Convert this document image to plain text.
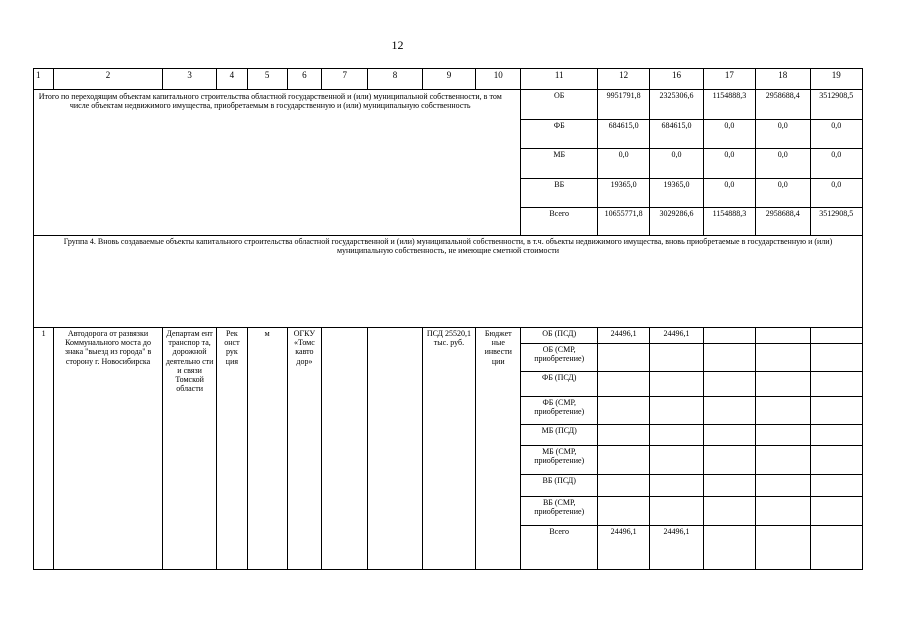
12
1	2	3	4	5	6	7	8	9	10	11	12	16	17	18	19
Итого по переходящим объектам капитального строительства областной государственной и (или) муниципальной собственности, в том числе объектам недвижимого имущества, приобретаемым в государственную и (или) муниципальную собственность										ОБ	9951791,8	2325306,6	1154888,3	2958688,4	3512908,5
										ФБ	684615,0	684615,0	0,0	0,0	0,0
										МБ	0,0	0,0	0,0	0,0	0,0
										ВБ	19365,0	19365,0	0,0	0,0	0,0
										Всего	10655771,8	3029286,6	1154888,3	2958688,4	3512908,5
Группа 4. Вновь создаваемые объекты капитального строительства областной государственной и (или) муниципальной собственности, в т.ч. объекты недвижимого имущества, вновь приобретаемые в государственную и (или) муниципальную собственность, не имеющие сметной стоимости															
1	Автодорога от развязки Коммунального моста до знака "выезд из города" в сторону г. Новосибирска	Департам ент транспор та, дорожной деятельно сти и связи Томской области	Рек онст рук ция	м	ОГКУ «Томс кавто дор»			ПСД 25520,1 тыс. руб.	Бюджет ные инвести ции	ОБ (ПСД)	24496,1	24496,1			
										ОБ (СМР, приобретение)					
										ФБ (ПСД)					
										ФБ (СМР, приобретение)					
										МБ (ПСД)					
										МБ (СМР, приобретение)					
										ВБ (ПСД)					
										ВБ (СМР, приобретение)					
										Всего	24496,1	24496,1			
